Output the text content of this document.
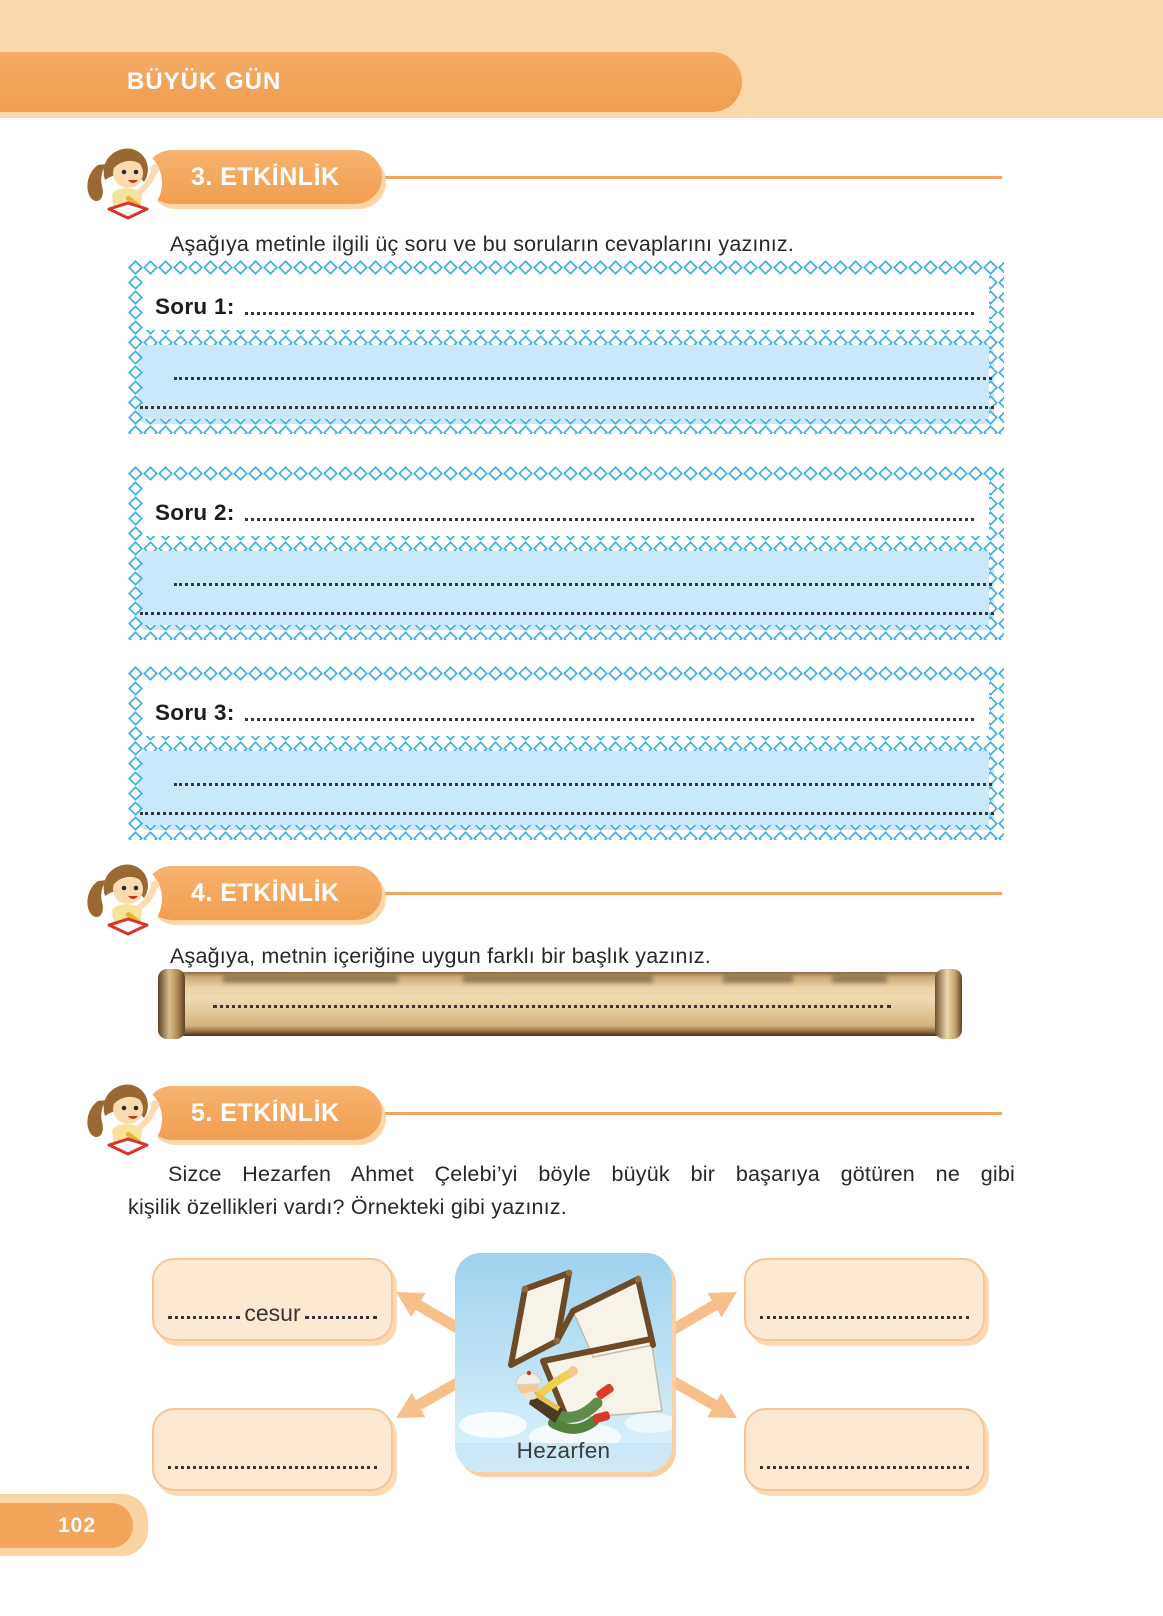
BÜYÜK GÜN
3. ETKİNLİK

Aşağıya metinle ilgili üç soru ve bu soruların cevaplarını yazınız.

Soru 1:
Soru 2:
Soru 3:
4. ETKİNLİK

Aşağıya, metnin içeriğine uygun farklı bir başlık yazınız.

5. ETKİNLİK

Sizce Hezarfen Ahmet Çelebi’yi böyle büyük bir başarıya götüren ne gibi
kişilik özellikleri vardı? Örnekteki gibi yazınız.

cesur
Hezarfen
102
